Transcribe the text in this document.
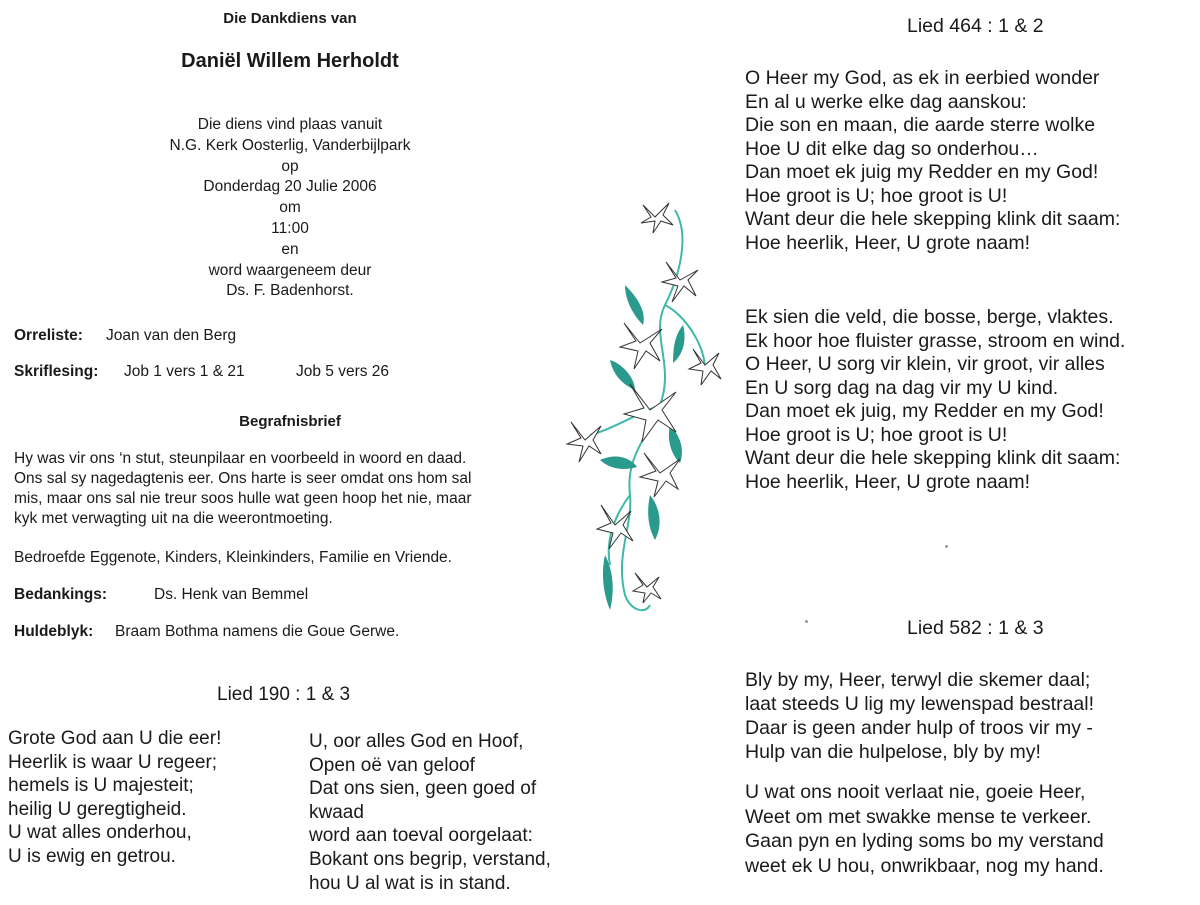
Die Dankdiens van
Daniël Willem Herholdt
Die diens vind plaas vanuit
N.G. Kerk Oosterlig, Vanderbijlpark
op
Donderdag 20 Julie 2006
om
11:00
en
word waargeneem deur
Ds. F. Badenhorst.
Orreliste: Joan van den Berg
Skriflesing: Job 1 vers 1 & 21	Job 5 vers 26
Begrafnisbrief
Hy was vir ons ‘n stut, steunpilaar en voorbeeld in woord en daad.
Ons sal sy nagedagtenis eer. Ons harte is seer omdat ons hom sal
mis, maar ons sal nie treur soos hulle wat geen hoop het nie, maar
kyk met verwagting uit na die weerontmoeting.
Bedroefde Eggenote, Kinders, Kleinkinders, Familie en Vriende.
Bedankings:	Ds. Henk van Bemmel
Huldeblyk: Braam Bothma namens die Goue Gerwe.
Lied 190 : 1 & 3
Grote God aan U die eer!
Heerlik is waar U regeer;
hemels is U majesteit;
heilig U geregtigheid.
U wat alles onderhou,
U is ewig en getrou.
U, oor alles God en Hoof,
Open oë van geloof
Dat ons sien, geen goed of
kwaad
word aan toeval oorgelaat:
Bokant ons begrip, verstand,
hou U al wat is in stand.
Lied 464 : 1 & 2
Lied 582 : 1 & 3
O Heer my God, as ek in eerbied wonder
En al u werke elke dag aanskou:
Die son en maan, die aarde sterre wolke
Hoe U dit elke dag so onderhou…
Dan moet ek juig my Redder en my God!
Hoe groot is U; hoe groot is U!
Want deur die hele skepping klink dit saam:
Hoe heerlik, Heer, U grote naam!
Ek sien die veld, die bosse, berge, vlaktes.
Ek hoor hoe fluister grasse, stroom en wind.
O Heer, U sorg vir klein, vir groot, vir alles
En U sorg dag na dag vir my U kind.
Dan moet ek juig, my Redder en my God!
Hoe groot is U; hoe groot is U!
Want deur die hele skepping klink dit saam:
Hoe heerlik, Heer, U grote naam!
Bly by my, Heer, terwyl die skemer daal;
laat steeds U lig my lewenspad bestraal!
Daar is geen ander hulp of troos vir my -
Hulp van die hulpelose, bly by my!
U wat ons nooit verlaat nie, goeie Heer,
Weet om met swakke mense te verkeer.
Gaan pyn en lyding soms bo my verstand
weet ek U hou, onwrikbaar, nog my hand.
